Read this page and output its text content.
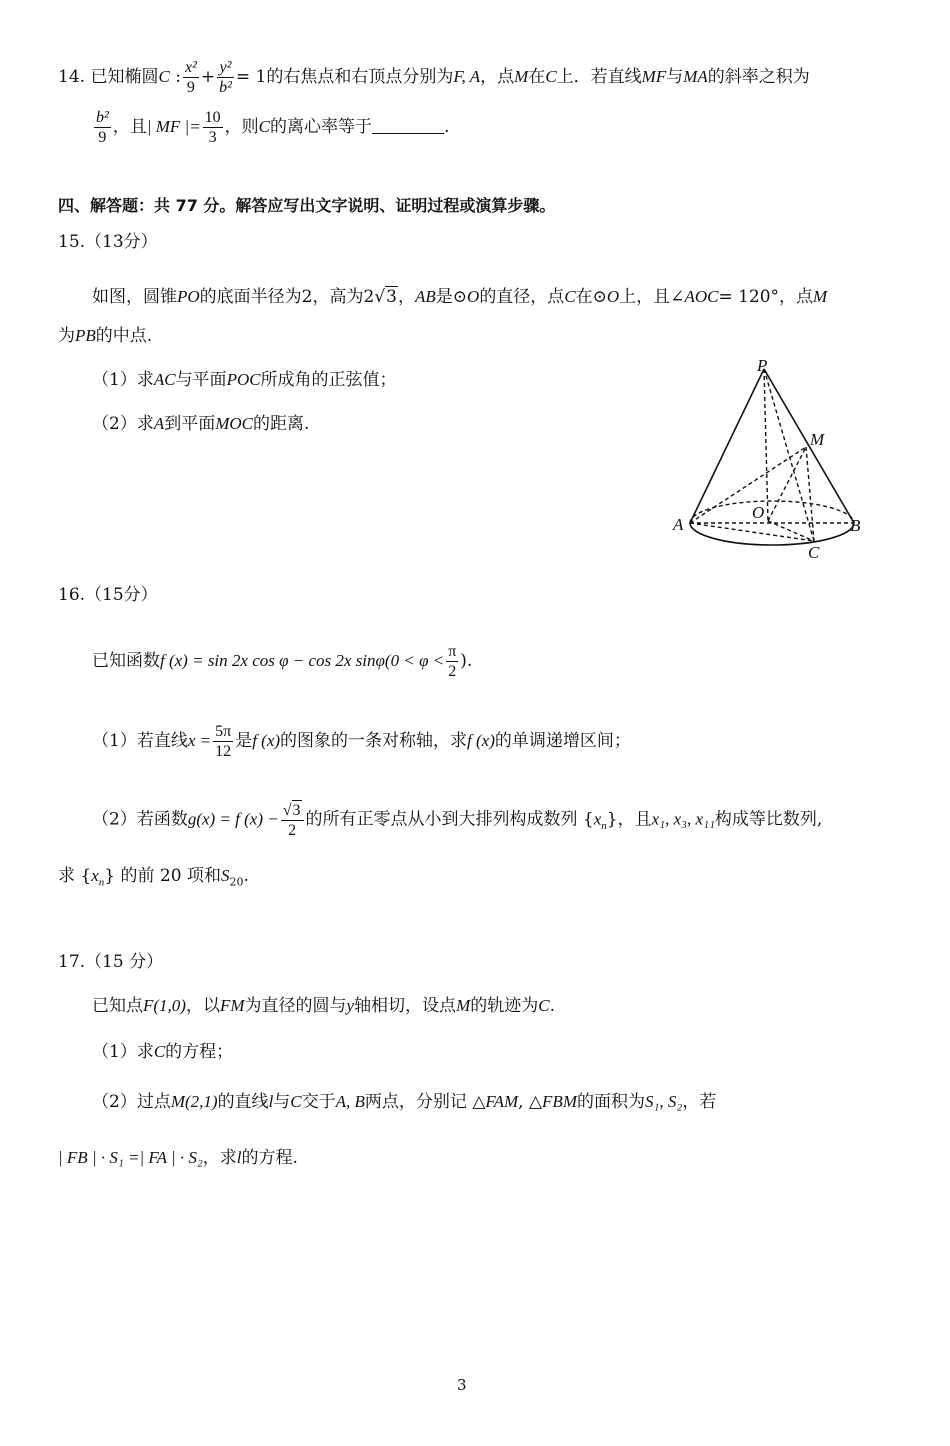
14. 已知椭圆C : $\frac{\text{x²}}{9} + \frac{\text{y²}}{\text{b²}} = 1$的右焦点和右顶点分别为F, A，点M在C上．若直线MF与MA的斜率之积为
$\frac{\text{b²}}{9}$ ，且| MF |= $\frac{10}{3}$ ，则C的离心率等于	.
四、解答题：共 77 分。解答应写出文字说明、证明过程或演算步骤。
15.（13分）
如图，圆锥PO的底面半径为2，高为2√3，AB是⊙O的直径，点C在⊙O上，且∠AOC= 120°，点M
为PB的中点.
（1）求AC与平面POC所成角的正弦值；
（2）求A到平面MOC的距离.
P
M
A
O
B
C
16.（15分）
已知函数f (x) = sin 2x cos φ − cos 2x $\sin\varphi(0 < \varphi < \frac{\pi}{2}$ ).
（1）若直线$x = \frac{5\pi}{12}$ 是f (x)的图象的一条对称轴，求f (x)的单调递增区间；
（2）若函数g(x) = f $(x) - \frac{√3}{2}$ 的所有正零点从小到大排列构成数列 $\{x_n\}$，且x₁, x₃, x₁₁构成等比数列,
求 $\{x_n\}$ 的前 20 项和$S_{20}$.
17.（15 分）
已知点F(1,0)，以FM为直径的圆与y轴相切，设点M的轨迹为C.
（1）求C的方程；
（2）过点M(2,1)的直线l与C交于A, B两点，分别记 △FAM, △FBM的面积为S₁, S₂，若
| FB | · S₁ =| FA | · S₂，求l的方程.
3
